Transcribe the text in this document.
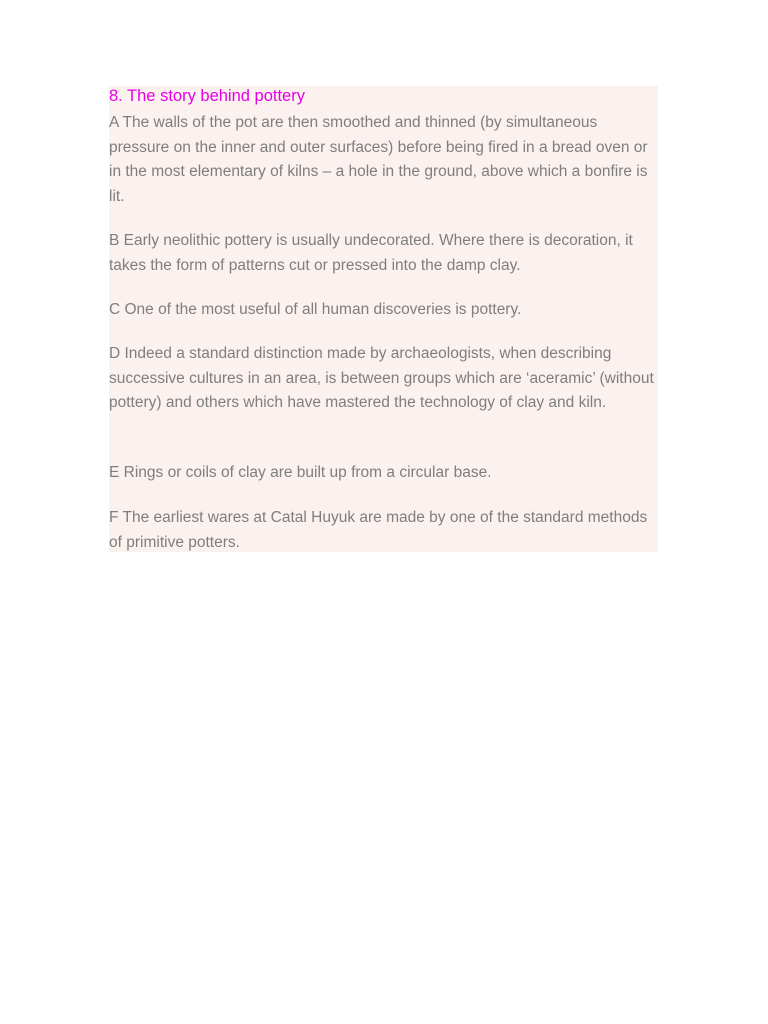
8. The story behind pottery

A The walls of the pot are then smoothed and thinned (by simultaneous pressure on the inner and outer surfaces) before being fired in a bread oven or in the most elementary of kilns – a hole in the ground, above which a bonfire is lit.

B Early neolithic pottery is usually undecorated. Where there is decoration, it takes the form of patterns cut or pressed into the damp clay.

C One of the most useful of all human discoveries is pottery.

D Indeed a standard distinction made by archaeologists, when describing successive cultures in an area, is between groups which are ‘aceramic’ (without pottery) and others which have mastered the technology of clay and kiln.

E Rings or coils of clay are built up from a circular base.

F The earliest wares at Catal Huyuk are made by one of the standard methods of primitive potters.
